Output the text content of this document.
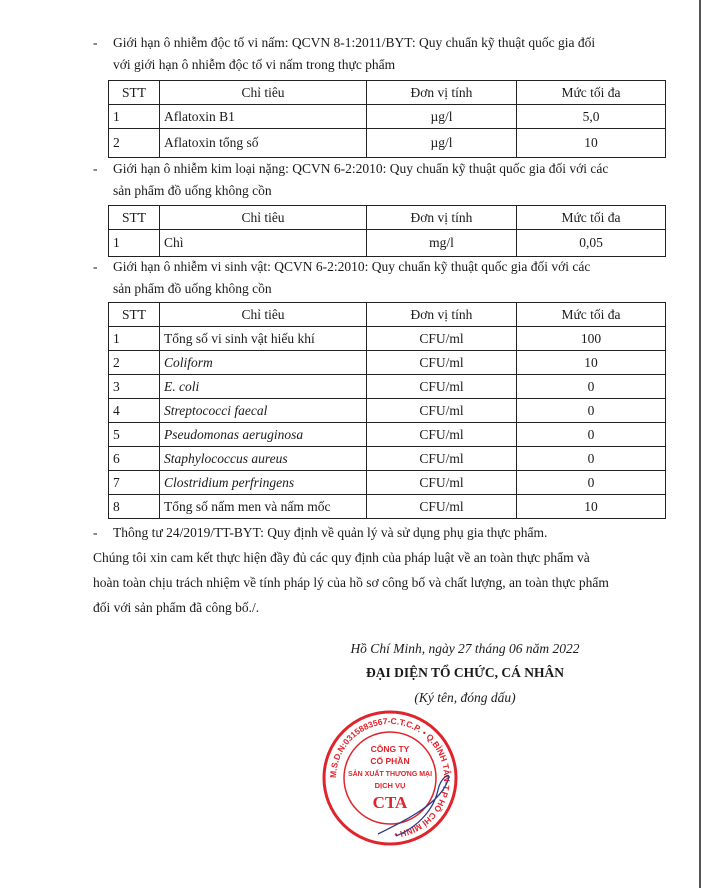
-	Giới hạn ô nhiễm độc tố vi nấm: QCVN 8-1:2011/BYT: Quy chuẩn kỹ thuật quốc gia đối
với giới hạn ô nhiễm độc tố vi nấm trong thực phẩm
STT	Chỉ tiêu	Đơn vị tính	Mức tối đa
1	Aflatoxin B1	µg/l	5,0
2	Aflatoxin tổng số	µg/l	10
-	Giới hạn ô nhiễm kim loại nặng: QCVN 6-2:2010: Quy chuẩn kỹ thuật quốc gia đối với các
sản phẩm đồ uống không cồn
STT	Chỉ tiêu	Đơn vị tính	Mức tối đa
1	Chì	mg/l	0,05
-	Giới hạn ô nhiễm vi sinh vật: QCVN 6-2:2010: Quy chuẩn kỹ thuật quốc gia đối với các
sản phẩm đồ uống không cồn
STT	Chỉ tiêu	Đơn vị tính	Mức tối đa
1	Tổng số vi sinh vật hiếu khí	CFU/ml	100
2	Coliform	CFU/ml	10
3	E. coli	CFU/ml	0
4	Streptococci faecal	CFU/ml	0
5	Pseudomonas aeruginosa	CFU/ml	0
6	Staphylococcus aureus	CFU/ml	0
7	Clostridium perfringens	CFU/ml	0
8	Tổng số nấm men và nấm mốc	CFU/ml	10
-	Thông tư 24/2019/TT-BYT: Quy định về quản lý và sử dụng phụ gia thực phẩm.
Chúng tôi xin cam kết thực hiện đầy đủ các quy định của pháp luật về an toàn thực phẩm và
hoàn toàn chịu trách nhiệm về tính pháp lý của hồ sơ công bố và chất lượng, an toàn thực phẩm
đối với sản phẩm đã công bố./.
Hồ Chí Minh, ngày 27 tháng 06 năm 2022
ĐẠI DIỆN TỔ CHỨC, CÁ NHÂN
(Ký tên, đóng dấu)
M.S.D.N:0315883567-C.T.C.P. • Q.BÌNH TÂN-T.P HỒ CHÍ MINH •
CÔNG TY
CỔ PHẦN
SẢN XUẤT THƯƠNG MẠI
DỊCH VỤ
CTA
